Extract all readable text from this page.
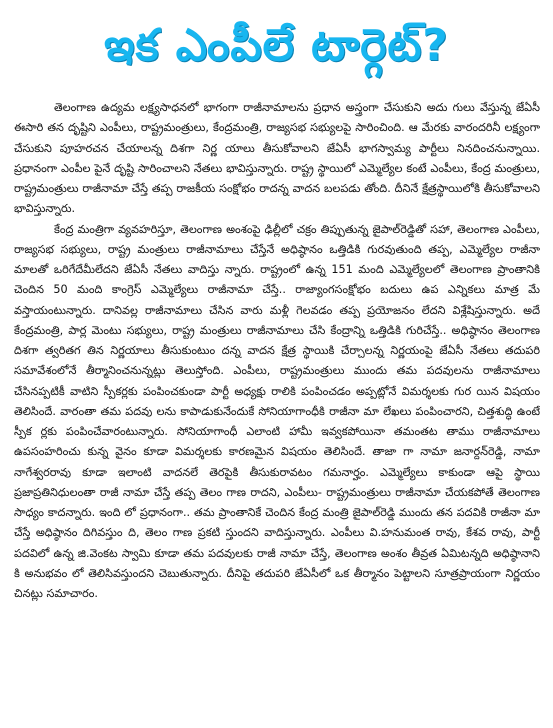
ఇక ఎంపీలే టార్గెట్?

తెలంగాణ ఉద్యమ లక్ష్యసాధనలో భాగంగా రాజీనామాలను ప్రధాన అస్త్రంగా చేసుకుని అదు గులు వేస్తున్న జేఏసీ ఈసారి తన దృష్టిని ఎంపీలు, రాష్ట్రమంత్రులు, కేంద్రమంత్రి, రాజ్యసభ సభ్యులపై సారించింది. ఆ మేరకు వారందరినీ లక్ష్యంగా చేసుకుని పూహరచన చేయాలన్న దిశగా నిర్ణ యాలు తీసుకోవాలని జేఏసీ భాగస్వామ్య పార్టీలు నినదించనున్నాయి. ప్రధానంగా ఎంపీల పైనే దృష్టి సారించాలని నేతలు భావిస్తున్నారు. రాష్ట్ర స్థాయిలో ఎమ్మెల్యేల కంటే ఎంపీలు, కేంద్ర మంత్రులు, రాష్ట్రమంత్రులు రాజీనామా చేస్తే తప్ప రాజకీయ సంక్షోభం రాదన్న వాదన బలపడు తోంది. దీనినే క్షేత్రస్థాయిలోకి తీసుకోవాలని భావిస్తున్నారు.

కేంద్ర మంత్రిగా వ్యవహరిస్తూ, తెలంగాణ అంశంపై ఢిల్లీలో చక్రం తిప్పుతున్న జైపాల్‌రెడ్డితో సహా, తెలంగాణ ఎంపీలు, రాజ్యసభ సభ్యులు, రాష్ట్ర మంత్రులు రాజీనామాలు చేస్తేనే అధిష్ఠానం ఒత్తిడికి గురవుతుంది తప్ప, ఎమ్మెల్యేల రాజీనా మాలతో ఒరిగేదేమీలేదని జేఏసీ నేతలు వాదిస్తు న్నారు. రాష్ట్రంలో ఉన్న 151 మంది ఎమ్మెల్యేలలో తెలంగాణ ప్రాంతానికి చెందిన 50 మంది కాంగ్రెస్ ఎమ్మెల్యేలు రాజీనామా చేస్తే.. రాజ్యాంగసంక్షోభం బదులు ఉప ఎన్నికలు మాత్ర మే వస్తాయంటున్నారు. దానివల్ల రాజీనామాలు చేసిన వారు మళ్లీ గెలవడం తప్ప ప్రయోజనం లేదని విశ్లేషిస్తున్నారు. అదే కేంద్రమంత్రి, పార్ల మెంటు సభ్యులు, రాష్ట్ర మంత్రులు రాజీనామాలు చేసి కేంద్రాన్ని ఒత్తిడికి గురిచేస్తే.. అధిష్ఠానం తెలంగాణ దిశగా త్వరితగ తిన నిర్ణయాలు తీసుకుంటుం దన్న వాదన క్షేత్ర స్థాయికి చేర్చాలన్న నిర్ణయంపై జేఏసీ నేతలు తదుపరి సమావేశంలోనే తీర్మానించనున్నట్లు తెలుస్తోంది. ఎంపీలు, రాష్ట్రమంత్రులు ముందు తమ పదవులను రాజీనామాలు చేసినప్పటికీ వాటిని స్పీకర్లకు పంపించకుండా పార్టీ అధ్యక్షు రాలికి పంపించడం అప్పట్లోనే విమర్శలకు గుర యిన విషయం తెలిసిందే. వారంతా తమ పదవు లను కాపాడుకునేందుకే సోనియాగాంధీకి రాజీనా మా లేఖలు పంపించారని, చిత్తశుద్ధి ఉంటే స్పీక ర్లకు పంపించేవారంటున్నారు. సోనియాగాంధీ ఎలాంటి హామీ ఇవ్వకపోయినా తమంతట తాము రాజీనామాలు ఉపసంహరించు కున్న వైనం కూడా విమర్శలకు కారణమైన విషయం తెలిసిందే. తాజా గా నామా జనార్దన్‌రెడ్డి, నామా నాగేశ్వరరావు కూడా ఇలాంటి వాదనలే తెరపైకి తీసుకురావటం గమనార్హం. ఎమ్మెల్యేలు కాకుండా ఆపై స్థాయి ప్రజాప్రతినిధులంతా రాజీ నామా చేస్తే తప్ప తెలం గాణ రాదని, ఎంపీలు- రాష్ట్రమంత్రులు రాజీనామా చేయకపోతే తెలంగాణ సాధ్యం కాదన్నారు. ఇంది లో ప్రధానంగా.. తమ ప్రాంతానికే చెందిన కేంద్ర మంత్రి జైపాల్‌రెడ్డి ముందు తన పదవికి రాజీనా మా చేస్తే అధిష్ఠానం దిగివస్తుం ది, తెలం గాణ ప్రకటి స్తుందని వాదిస్తున్నారు. ఎంపీలు వి.హనుమంత రావు, కేశవ రావు, పార్టీ పదవిలో ఉన్న జి.వెంకట స్వామి కూడా తమ పదవులకు రాజీ నామా చేస్తే, తెలంగాణ అంశం తీవ్రత ఏమిటన్నది అధిష్ఠానాని కి అనుభవం లో తెలిసివస్తుందని చెబుతున్నారు. దీనిపై తదుపరి జేఏసీలో ఒక తీర్మానం పెట్టాలని సూత్రప్రాయంగా నిర్ణయం చినట్లు సమాచారం.
